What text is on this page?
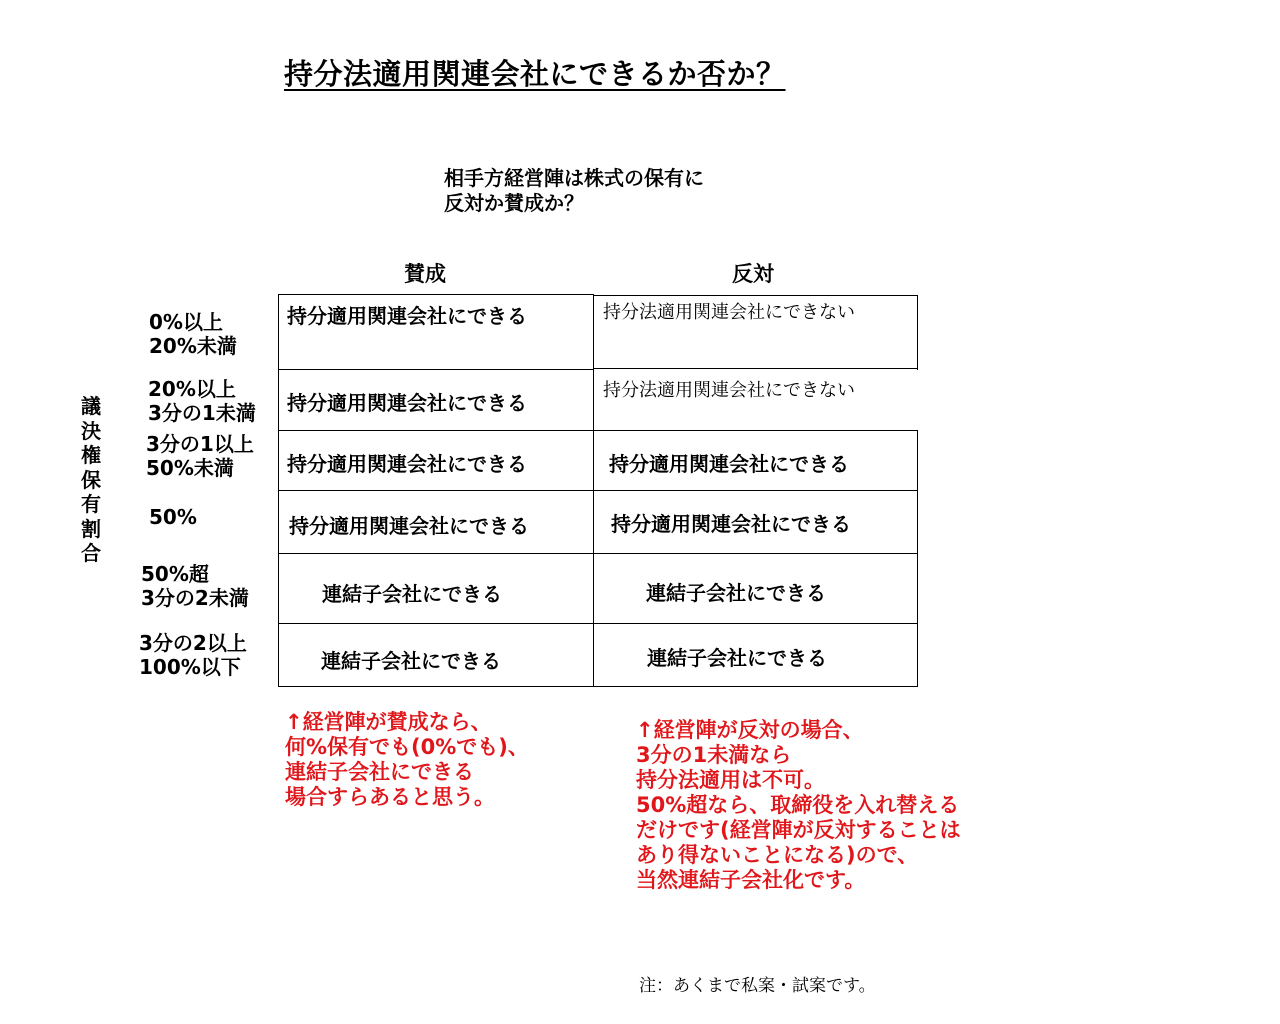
持分法適用関連会社にできるか否か？
相手方経営陣は株式の保有に
反対か賛成か？
賛成	反対
議
決
権
保
有
割
合
0%以上
20%未満
20%以上
3分の1未満
3分の1以上
50%未満
50%
50%超
3分の2未満
3分の2以上
100%以下
持分適用関連会社にできる
持分適用関連会社にできる
持分適用関連会社にできる
持分適用関連会社にできる
連結子会社にできる
連結子会社にできる
持分法適用関連会社にできない
持分法適用関連会社にできない
持分適用関連会社にできる
持分適用関連会社にできる
連結子会社にできる
連結子会社にできる
↑経営陣が賛成なら、
何%保有でも(0%でも)、
連結子会社にできる
場合すらあると思う。
↑経営陣が反対の場合、
3分の1未満なら
持分法適用は不可。
50%超なら、取締役を入れ替える
だけです(経営陣が反対することは
あり得ないことになる)ので、
当然連結子会社化です。
注：あくまで私案・試案です。
